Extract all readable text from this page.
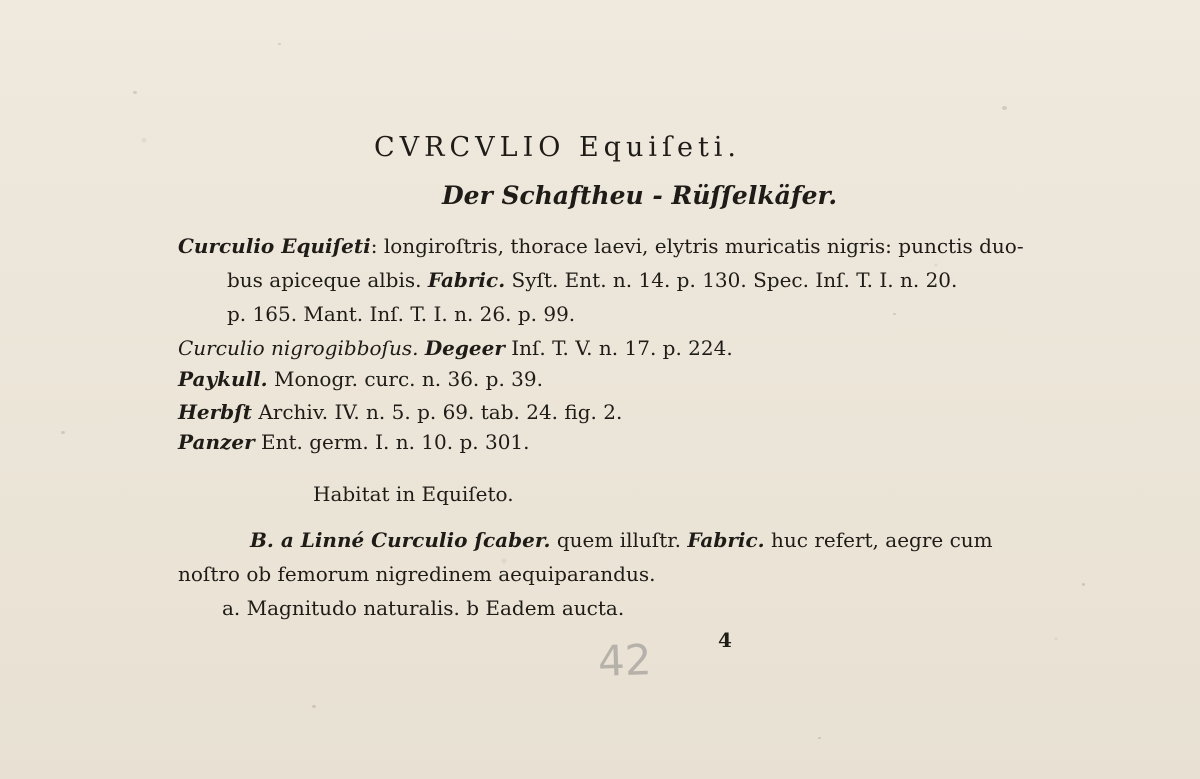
CVRCVLIO Equiſeti.
Der Schaftheu - Rüſſelkäfer.
Curculio Equiſeti: longiroſtris, thorace laevi, elytris muricatis nigris: punctis duo-
bus apiceque albis. Fabric. Syſt. Ent. n. 14. p. 130. Spec. Inſ. T. I. n. 20.
p. 165. Mant. Inſ. T. I. n. 26. p. 99.
Curculio nigrogibboſus. Degeer Inſ. T. V. n. 17. p. 224.
Paykull. Monogr. curc. n. 36. p. 39.
Herbſt Archiv. IV. n. 5. p. 69. tab. 24. fig. 2.
Panzer Ent. germ. I. n. 10. p. 301.
Habitat in Equiſeto.
B. a Linné Curculio ſcaber. quem illuſtr. Fabric. huc refert, aegre cum
noſtro ob femorum nigredinem aequiparandus.
a. Magnitudo naturalis. b Eadem aucta.
42	4
